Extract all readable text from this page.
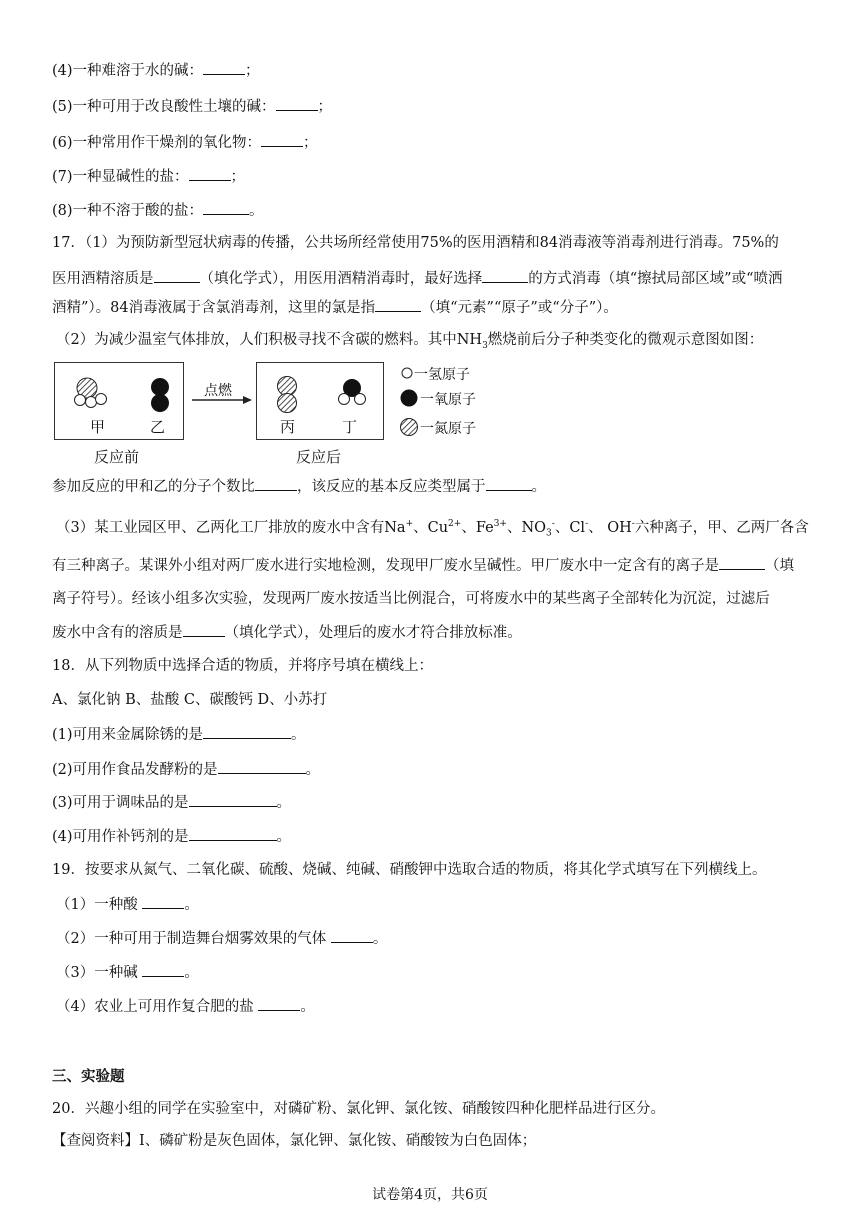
(4)一种难溶于水的碱：	；
(5)一种可用于改良酸性土壤的碱：	；
(6)一种常用作干燥剂的氧化物：	；
(7)一种显碱性的盐：	；
(8)一种不溶于酸的盐：	。
17．（1）为预防新型冠状病毒的传播，公共场所经常使用75%的医用酒精和84消毒液等消毒剂进行消毒。75%的
医用酒精溶质是	（填化学式），用医用酒精消毒时，最好选择	的方式消毒（填“擦拭局部区域”或“喷洒
酒精”）。84消毒液属于含氯消毒剂，这里的氯是指	（填“元素”“原子”或“分子”）。
（2）为减少温室气体排放，人们积极寻找不含碳的燃料。其中$NH_3$燃烧前后分子种类变化的微观示意图如图：
甲	乙	丙	丁
点燃
反应前	反应后
一氢原子
一氧原子
一氮原子
参加反应的甲和乙的分子个数比	，该反应的基本反应类型属于	。
（3）某工业园区甲、乙两化工厂排放的废水中含有Na+、$Cu^{2+}$、$Fe^{3+}$、$NO_3^-$、Cl-、 OH-六种离子，甲、乙两厂各含
有三种离子。某课外小组对两厂废水进行实地检测，发现甲厂废水呈碱性。甲厂废水中一定含有的离子是	（填
离子符号）。经该小组多次实验，发现两厂废水按适当比例混合，可将废水中的某些离子全部转化为沉淀，过滤后
废水中含有的溶质是	（填化学式），处理后的废水才符合排放标准。
18．从下列物质中选择合适的物质，并将序号填在横线上：
A、氯化钠 B、盐酸 C、碳酸钙 D、小苏打
(1)可用来金属除锈的是	。
(2)可用作食品发酵粉的是	。
(3)可用于调味品的是	。
(4)可用作补钙剂的是	。
19．按要求从氮气、二氧化碳、硫酸、烧碱、纯碱、硝酸钾中选取合适的物质，将其化学式填写在下列横线上。
（1）一种酸	。
（2）一种可用于制造舞台烟雾效果的气体	。
（3）一种碱	。
（4）农业上可用作复合肥的盐	。
三、实验题
20．兴趣小组的同学在实验室中，对磷矿粉、氯化钾、氯化铵、硝酸铵四种化肥样品进行区分。
【查阅资料】Ⅰ、磷矿粉是灰色固体，氯化钾、氯化铵、硝酸铵为白色固体；
试卷第4页，共6页
